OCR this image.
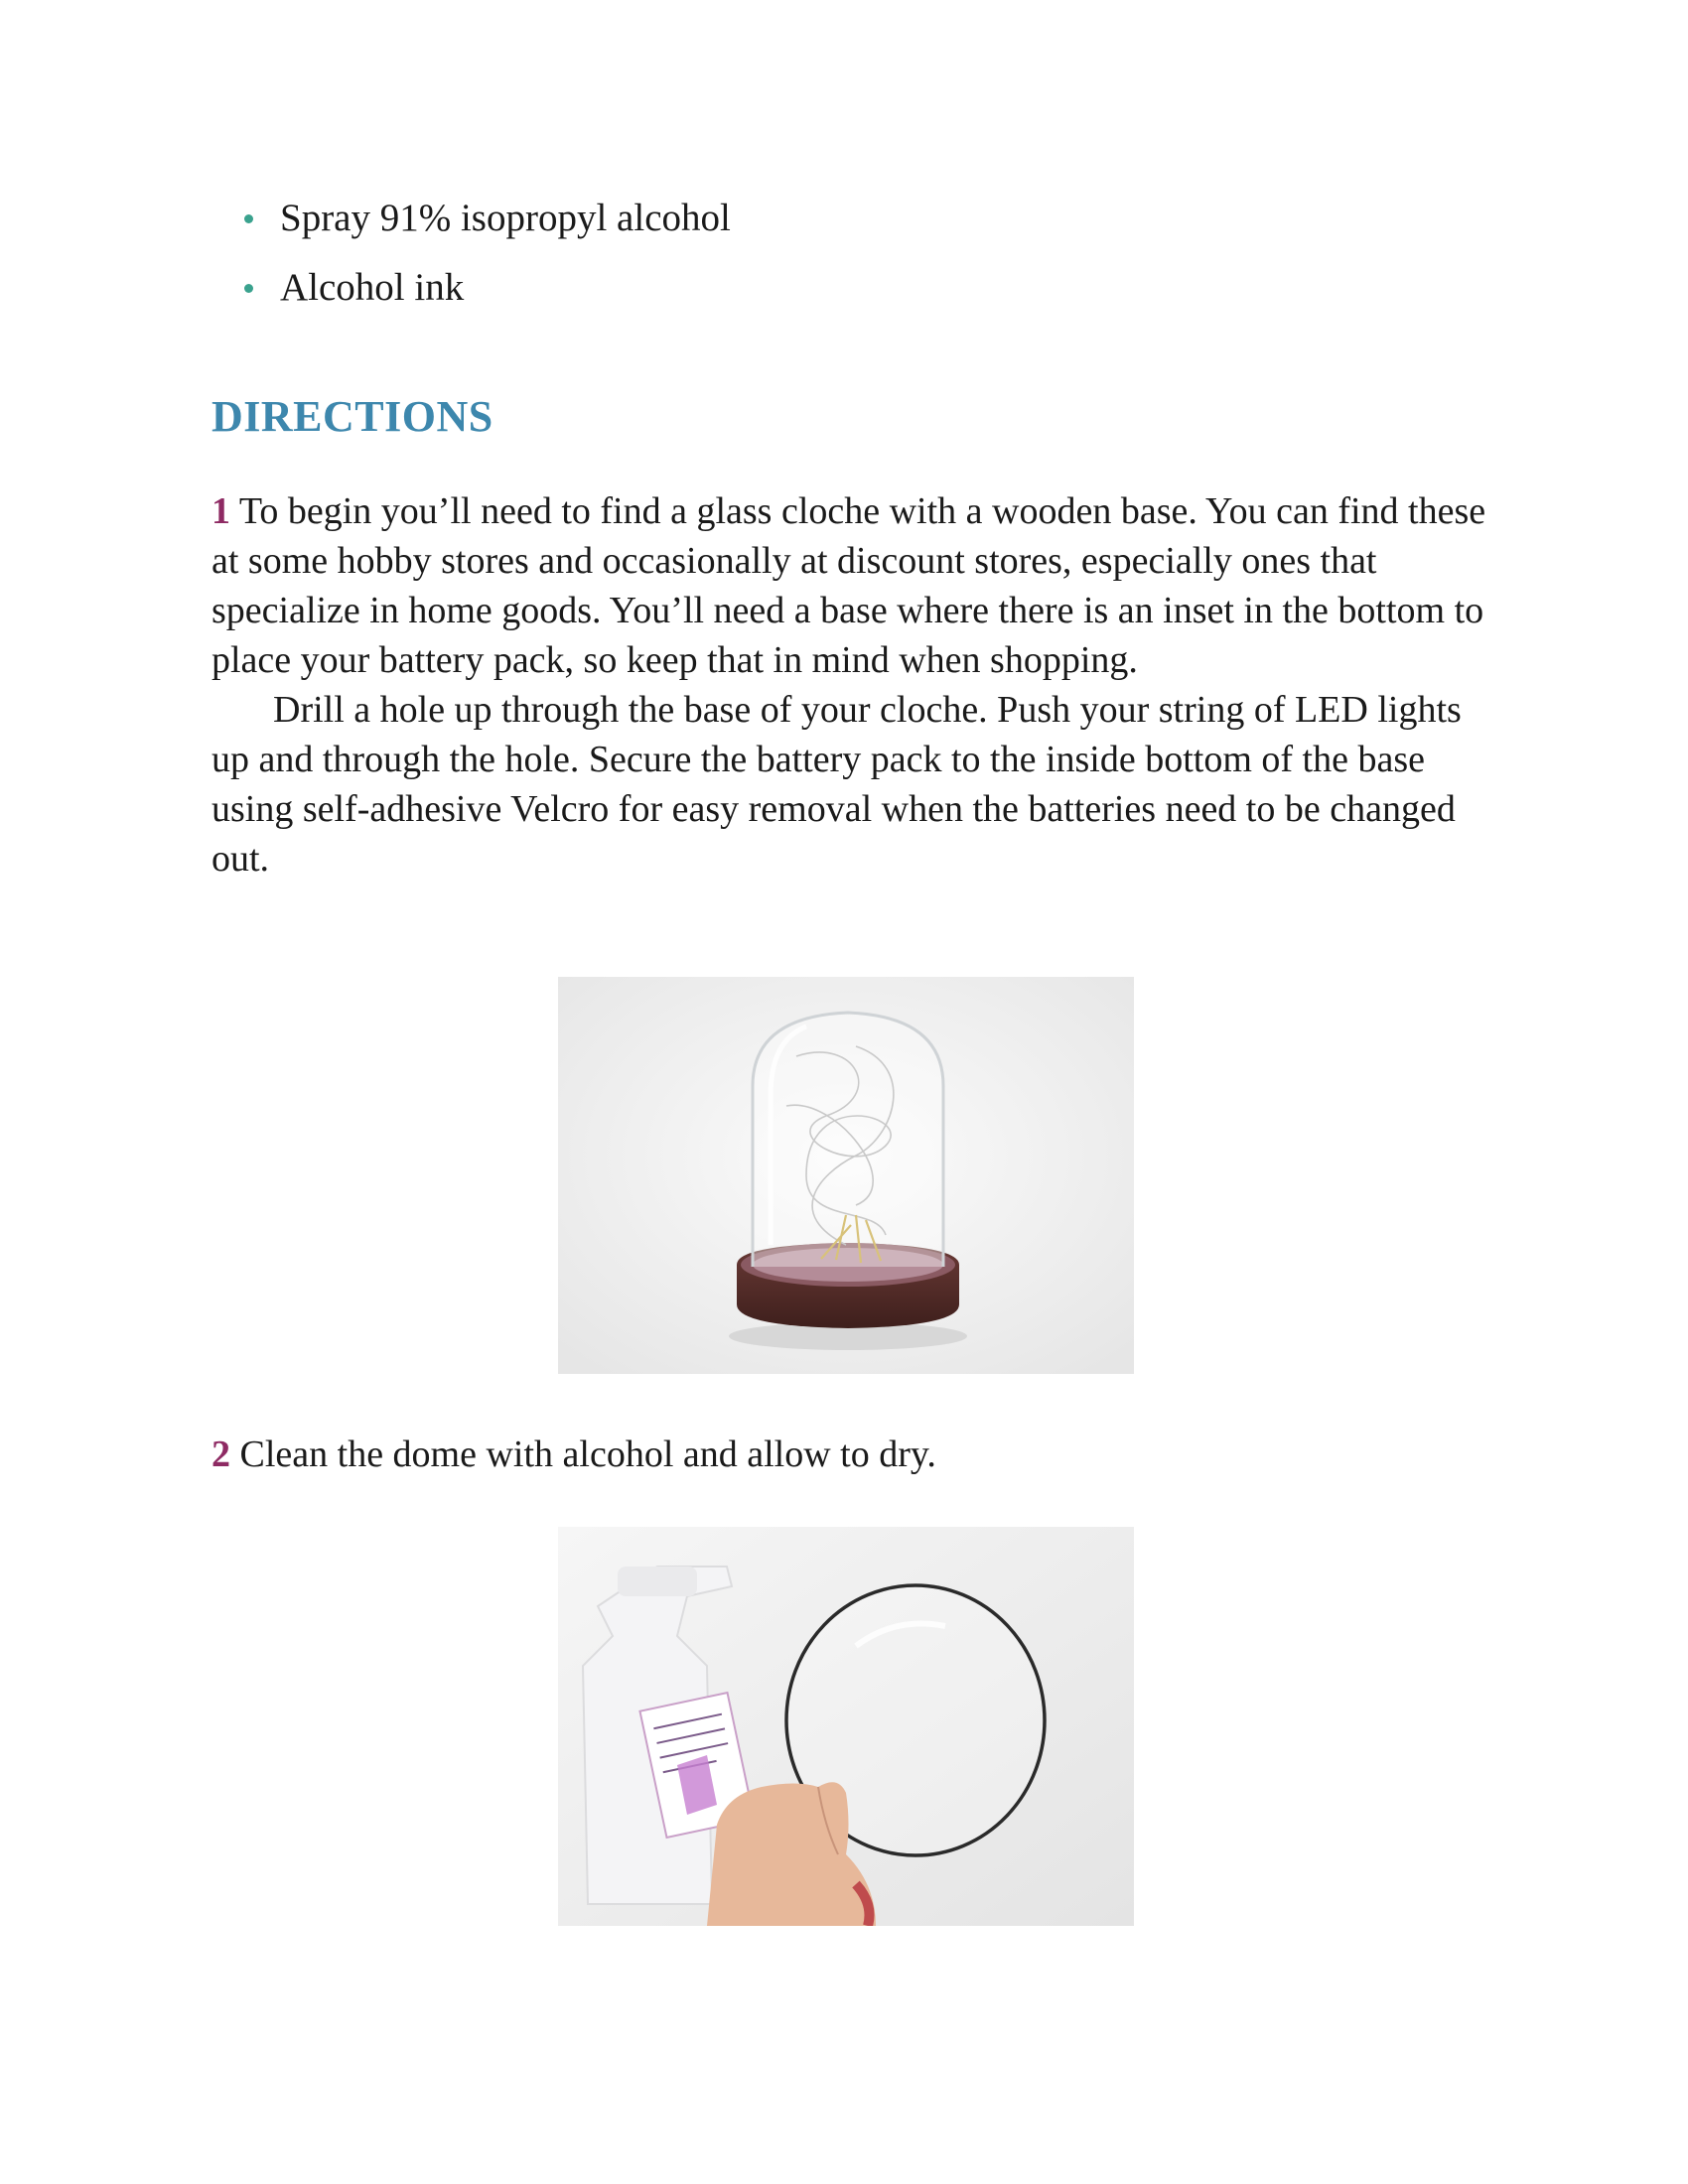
Spray 91% isopropyl alcohol
Alcohol ink
DIRECTIONS

1 To begin you’ll need to find a glass cloche with a wooden base. You can find these at some hobby stores and occasionally at discount stores, especially ones that specialize in home goods. You’ll need a base where there is an inset in the bottom to place your battery pack, so keep that in mind when shopping.
Drill a hole up through the base of your cloche. Push your string of LED lights up and through the hole. Secure the battery pack to the inside bottom of the base using self-adhesive Velcro for easy removal when the batteries need to be changed out.

2 Clean the dome with alcohol and allow to dry.
